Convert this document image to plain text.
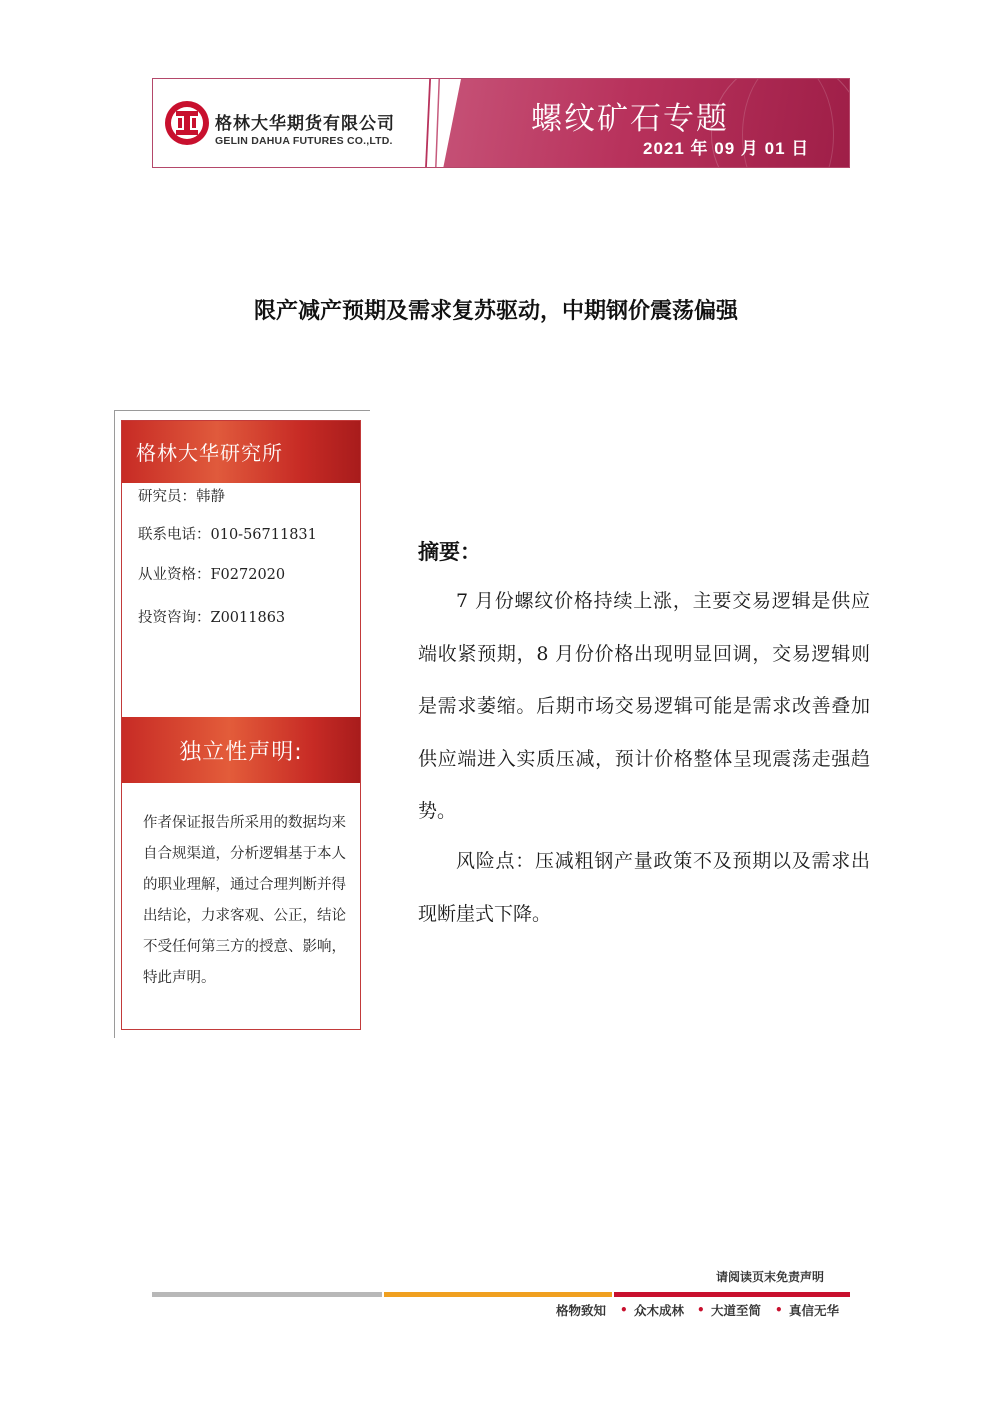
格林大华期货有限公司
GELIN DAHUA FUTURES CO.,LTD.
螺纹矿石专题
2021 年 09 月 01 日
限产减产预期及需求复苏驱动，中期钢价震荡偏强
格林大华研究所
研究员：韩静
联系电话：010-56711831
从业资格：F0272020
投资咨询：Z0011863
独立性声明:
作者保证报告所采用的数据均来自合规渠道，分析逻辑基于本人的职业理解，通过合理判断并得出结论，力求客观、公正，结论不受任何第三方的授意、影响，特此声明。
摘要：
7 月份螺纹价格持续上涨，主要交易逻辑是供应端收紧预期，8 月份价格出现明显回调，交易逻辑则是需求萎缩。后期市场交易逻辑可能是需求改善叠加供应端进入实质压减，预计价格整体呈现震荡走强趋势。
风险点：压减粗钢产量政策不及预期以及需求出现断崖式下降。
请阅读页末免责声明
格物致知 • 众木成林 • 大道至简 • 真信无华
